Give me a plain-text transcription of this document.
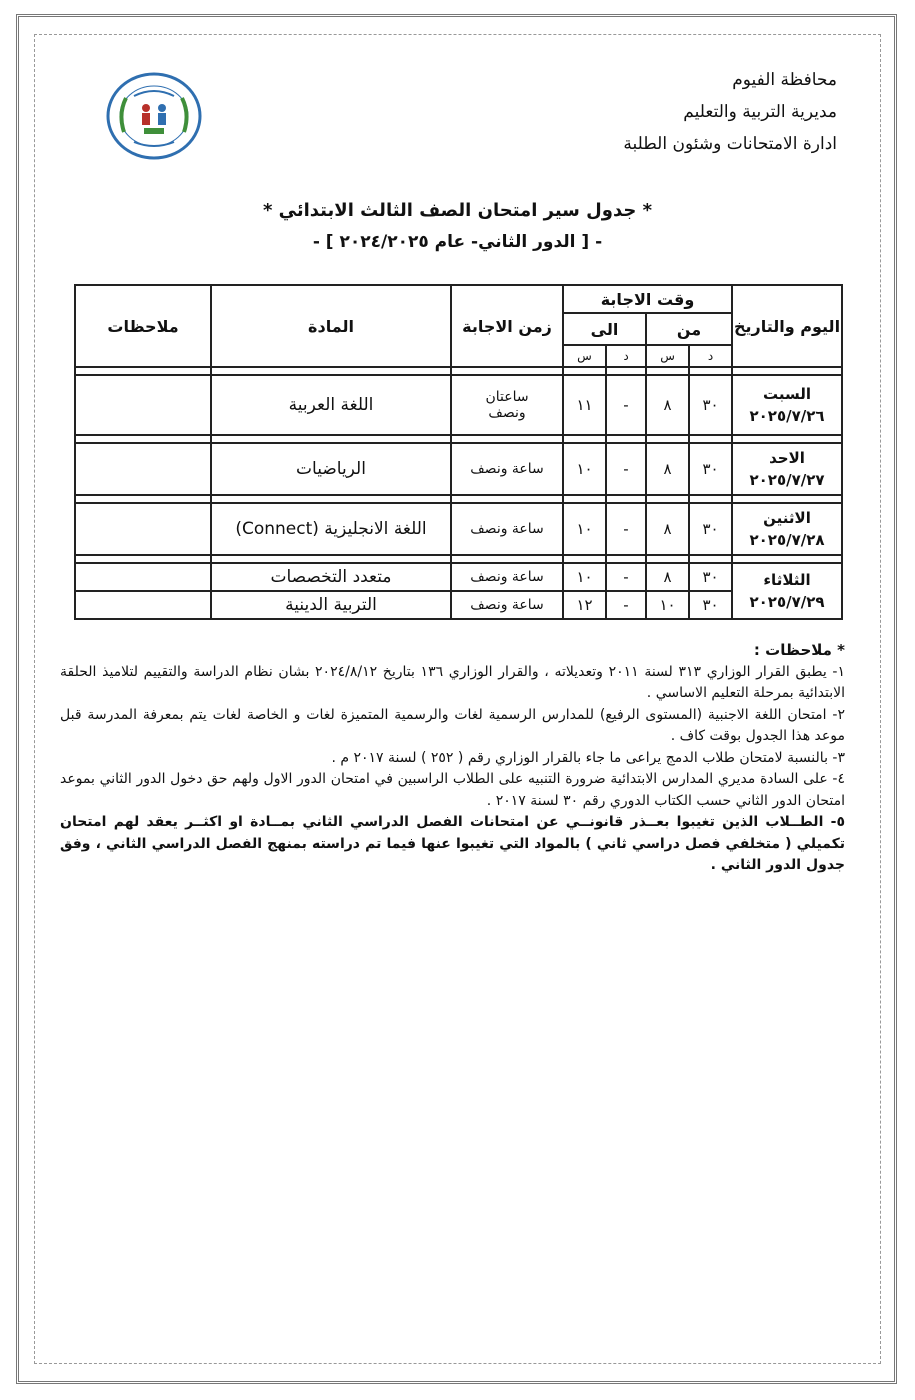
محافظة الفيوم
مديرية التربية والتعليم
ادارة الامتحانات وشئون الطلبة
* جدول سير امتحان الصف الثالث الابتدائي *
- [ الدور الثاني- عام ٢٠٢٤/٢٠٢٥ ] -
اليوم والتاريخ	وقت الاجابة				زمن الاجابة	المادة	ملاحظات
	من		الى				
	د	س	د	س			

السبت
٢٠٢٥/٧/٢٦	٣٠	٨	-	١١	ساعتان ونصف	اللغة العربية	

الاحد
٢٠٢٥/٧/٢٧	٣٠	٨	-	١٠	ساعة ونصف	الرياضيات	

الاثنين
٢٠٢٥/٧/٢٨	٣٠	٨	-	١٠	ساعة ونصف	اللغة الانجليزية (Connect)	

الثلاثاء
٢٠٢٥/٧/٢٩	٣٠	٨	-	١٠	ساعة ونصف	متعدد التخصصات	
	٣٠	١٠	-	١٢	ساعة ونصف	التربية الدينية	

* ملاحظات :

١- يطبق القرار الوزاري ٣١٣ لسنة ٢٠١١ وتعديلاته ، والقرار الوزاري ١٣٦ بتاريخ ٢٠٢٤/٨/١٢ بشان نظام الدراسة والتقييم لتلاميذ الحلقة الابتدائية بمرحلة التعليم الاساسي .

٢- امتحان اللغة الاجنبية (المستوى الرفيع) للمدارس الرسمية لغات والرسمية المتميزة لغات و الخاصة لغات يتم بمعرفة المدرسة قبل موعد هذا الجدول بوقت كاف .

٣- بالنسبة لامتحان طلاب الدمج يراعى ما جاء بالقرار الوزاري رقم ( ٢٥٢ ) لسنة ٢٠١٧ م .

٤- على السادة مديري المدارس الابتدائية ضرورة التنبيه على الطلاب الراسبين في امتحان الدور الاول ولهم حق دخول الدور الثاني بموعد امتحان الدور الثاني حسب الكتاب الدوري رقم ٣٠ لسنة ٢٠١٧ .

٥- الطــلاب الذين تغيبوا بعــذر قانونــي عن امتحانات الفصل الدراسي الثاني بمــادة او اكثــر يعقد لهم امتحان تكميلي ( متخلفي فصل دراسي ثاني ) بالمواد التي تغيبوا عنها فيما تم دراسته بمنهج الفصل الدراسي الثاني ، وفق جدول الدور الثاني .
